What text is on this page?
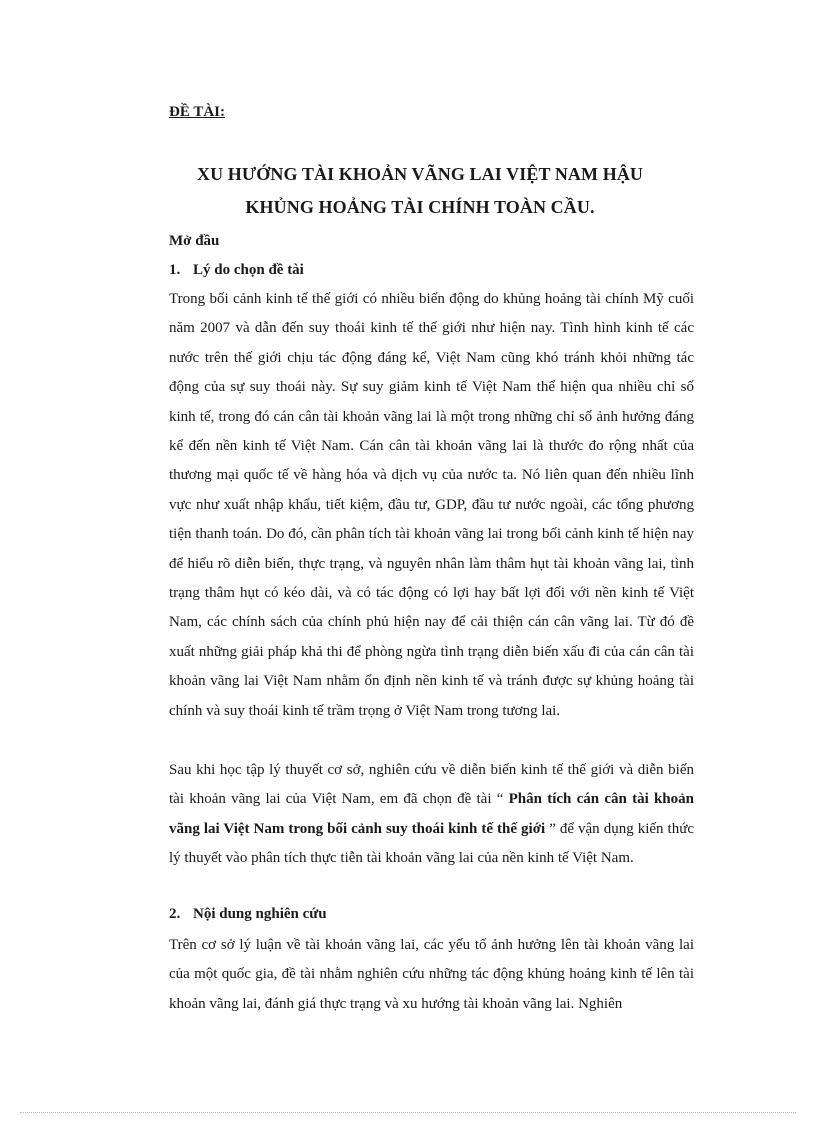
ĐỀ TÀI:
XU HƯỚNG TÀI KHOẢN VÃNG LAI VIỆT NAM HẬU
KHỦNG HOẢNG TÀI CHÍNH TOÀN CẦU.
Mở đầu
1. Lý do chọn đề tài
Trong bối cảnh kinh tế thế giới có nhiều biến động do khủng hoảng tài chính Mỹ cuối năm 2007 và dẫn đến suy thoái kinh tế thế giới như hiện nay. Tình hình kinh tế các nước trên thế giới chịu tác động đáng kể, Việt Nam cũng khó tránh khỏi những tác động của sự suy thoái này. Sự suy giảm kinh tế Việt Nam thể hiện qua nhiều chỉ số kinh tế, trong đó cán cân tài khoản vãng lai là một trong những chỉ số ảnh hưởng đáng kể đến nền kinh tế Việt Nam. Cán cân tài khoản vãng lai là thước đo rộng nhất của thương mại quốc tế về hàng hóa và dịch vụ của nước ta. Nó liên quan đến nhiều lĩnh vực như xuất nhập khẩu, tiết kiệm, đầu tư, GDP, đầu tư nước ngoài, các tổng phương tiện thanh toán. Do đó, cần phân tích tài khoản vãng lai trong bối cảnh kinh tế hiện nay để hiểu rõ diễn biến, thực trạng, và nguyên nhân làm thâm hụt tài khoản vãng lai, tình trạng thâm hụt có kéo dài, và có tác động có lợi hay bất lợi đối với nền kinh tế Việt Nam, các chính sách của chính phủ hiện nay để cải thiện cán cân vãng lai. Từ đó đề xuất những giải pháp khả thi để phòng ngừa tình trạng diễn biến xấu đi của cán cân tài khoản vãng lai Việt Nam nhằm ổn định nền kinh tế và tránh được sự khủng hoảng tài chính và suy thoái kinh tế trầm trọng ở Việt Nam trong tương lai.
Sau khi học tập lý thuyết cơ sở, nghiên cứu về diễn biến kinh tế thế giới và diễn biến tài khoản vãng lai của Việt Nam, em đã chọn đề tài “ Phân tích cán cân tài khoản vãng lai Việt Nam trong bối cảnh suy thoái kinh tế thế giới ” để vận dụng kiến thức lý thuyết vào phân tích thực tiễn tài khoản vãng lai của nền kinh tế Việt Nam.
2. Nội dung nghiên cứu
Trên cơ sở lý luận về tài khoản vãng lai, các yếu tố ảnh hưởng lên tài khoản vãng lai của một quốc gia, đề tài nhằm nghiên cứu những tác động khủng hoảng kinh tế lên tài khoản vãng lai, đánh giá thực trạng và xu hướng tài khoản vãng lai. Nghiên
